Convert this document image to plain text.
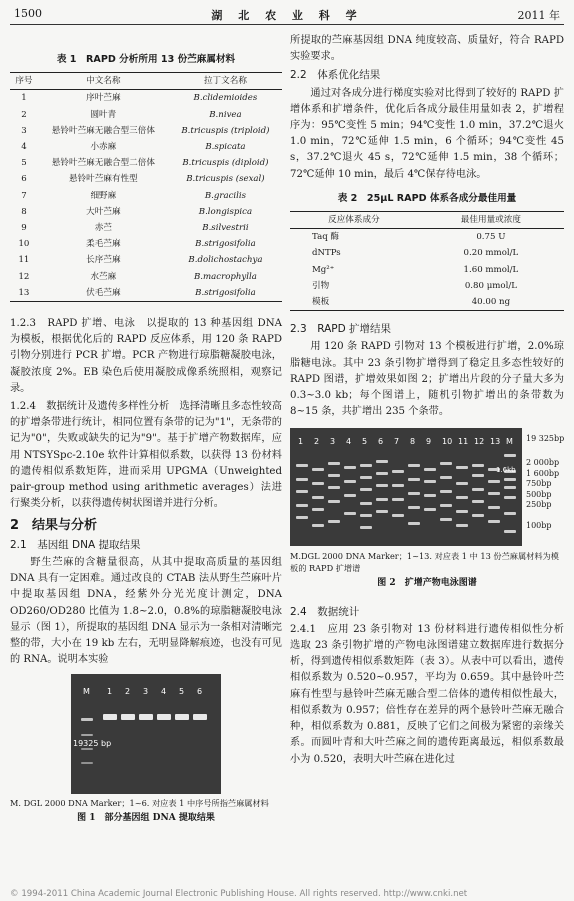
1500	湖 北 农 业 科 学	2011 年
表 1　RAPD 分析所用 13 份苎麻属材料
序号	中文名称	拉丁文名称
1	序叶苎麻	B.clidemioides
2	圆叶青	B.nivea
3	悬铃叶苎麻无融合型三倍体	B.tricuspis (triploid)
4	小赤麻	B.spicata
5	悬铃叶苎麻无融合型二倍体	B.tricuspis (diploid)
6	悬铃叶苎麻有性型	B.tricuspis (sexal)
7	细野麻	B.gracilis
8	大叶苎麻	B.longispica
9	赤苎	B.silvestrii
10	柔毛苎麻	B.strigosifolia
11	长序苎麻	B.dolichostachya
12	水苎麻	B.macrophylla
13	伏毛苎麻	B.strigosifolia

1.2.3　RAPD 扩增、电泳　以提取的 13 种基因组 DNA 为模板，根据优化后的 RAPD 反应体系，用 120 条 RAPD 引物分别进行 PCR 扩增。PCR 产物进行琼脂糖凝胶电泳，凝胶浓度 2%。EB 染色后使用凝胶成像系统照相，观察记录。

1.2.4　数据统计及遗传多样性分析　选择清晰且多态性较高的扩增条带进行统计，相同位置有条带的记为"1"，无条带的记为"0"，失败或缺失的记为"9"。基于扩增产物数据库，应用 NTSYSpc-2.10e 软件计算相似系数，以获得 13 份材料的遗传相似系数矩阵，进而采用 UPGMA（Unweighted pair-group method using arithmetic averages）法进行聚类分析，以获得遗传树状图谱并进行分析。

2　结果与分析
2.1　基因组 DNA 提取结果

野生苎麻的含糖量很高，从其中提取高质量的基因组 DNA 具有一定困难。通过改良的 CTAB 法从野生苎麻叶片中提取基因组 DNA，经紫外分光光度计测定，DNA OD260/OD280 比值为 1.8~2.0，0.8%的琼脂糖凝胶电泳显示（图 1），所提取的基因组 DNA 显示为一条相对清晰完整的带，大小在 19 kb 左右，无明显降解痕迹，也没有可见的 RNA。说明本实验

M 1 2 3 4 5 6
19325 bp
M. DGL 2000 DNA Marker；1~6. 对应表 1 中序号所指苎麻属材料
图 1　部分基因组 DNA 提取结果

所提取的苎麻基因组 DNA 纯度较高、质量好，符合 RAPD 实验要求。

2.2　体系优化结果

通过对各成分进行梯度实验对比得到了较好的 RAPD 扩增体系和扩增条件，优化后各成分最佳用量如表 2，扩增程序为：95℃变性 5 min；94℃变性 1.0 min，37.2℃退火 1.0 min，72℃延伸 1.5 min，6 个循环；94℃变性 45 s，37.2℃退火 45 s，72℃延伸 1.5 min，38 个循环；72℃延伸 10 min，最后 4℃保存待电泳。

表 2　25μL RAPD 体系各成分最佳用量
反应体系成分	最佳用量或浓度
Taq 酶	0.75 U
dNTPs	0.20 mmol/L
Mg²⁺	1.60 mmol/L
引物	0.80 μmol/L
模板	40.00 ng
2.3　RAPD 扩增结果

用 120 条 RAPD 引物对 13 个模板进行扩增，2.0%琼脂糖电泳。其中 23 条引物扩增得到了稳定且多态性较好的 RAPD 图谱，扩增效果如图 2；扩增出片段的分子量大多为 0.3~3.0 kb；每个图谱上，随机引物扩增出的条带数为 8~15 条，共扩增出 235 个条带。

1 2 3 4 5 6 7 8 9 10 11 12 13 M
1.6kb
19 325bp
2 000bp
1 600bp
750bp
500bp
250bp
100bp
M.DGL 2000 DNA Marker；1~13. 对应表 1 中 13 份苎麻属材料为模板的 RAPD 扩增谱
图 2　扩增产物电泳图谱
2.4　数据统计

2.4.1　应用 23 条引物对 13 份材料进行遗传相似性分析　选取 23 条引物扩增的产物电泳图谱建立数据库进行数据分析，得到遗传相似系数矩阵（表 3）。从表中可以看出，遗传相似系数为 0.520~0.957，平均为 0.659。其中悬铃叶苎麻有性型与悬铃叶苎麻无融合型二倍体的遗传相似性最大，相似系数为 0.957；倍性存在差异的两个悬铃叶苎麻无融合种，相似系数为 0.881，反映了它们之间极为紧密的亲缘关系。而圆叶青和大叶苎麻之间的遗传距离最远，相似系数最小为 0.520，表明大叶苎麻在进化过

© 1994-2011 China Academic Journal Electronic Publishing House. All rights reserved. http://www.cnki.net
